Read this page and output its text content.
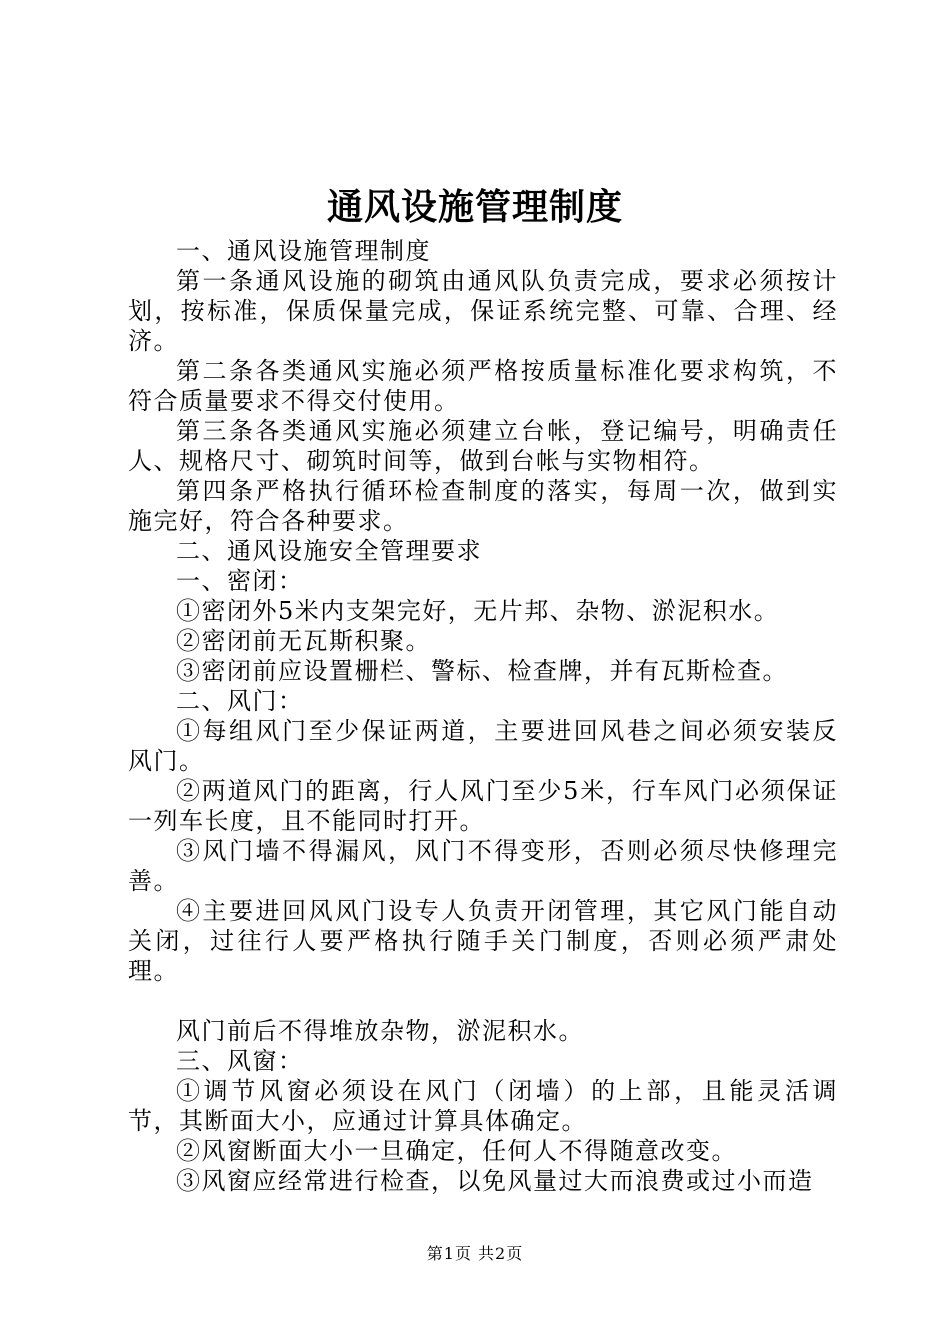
通风设施管理制度

一、通风设施管理制度

第一条通风设施的砌筑由通风队负责完成，要求必须按计划，按标准，保质保量完成，保证系统完整、可靠、合理、经济。

第二条各类通风实施必须严格按质量标准化要求构筑，不符合质量要求不得交付使用。

第三条各类通风实施必须建立台帐，登记编号，明确责任人、规格尺寸、砌筑时间等，做到台帐与实物相符。

第四条严格执行循环检查制度的落实，每周一次，做到实施完好，符合各种要求。

二、通风设施安全管理要求

一、密闭：

①密闭外5米内支架完好，无片邦、杂物、淤泥积水。

②密闭前无瓦斯积聚。

③密闭前应设置栅栏、警标、检查牌，并有瓦斯检查。

二、风门：

①每组风门至少保证两道，主要进回风巷之间必须安装反风门。

②两道风门的距离，行人风门至少5米，行车风门必须保证一列车长度，且不能同时打开。

③风门墙不得漏风，风门不得变形，否则必须尽快修理完善。

④主要进回风风门设专人负责开闭管理，其它风门能自动关闭，过往行人要严格执行随手关门制度，否则必须严肃处理。

风门前后不得堆放杂物，淤泥积水。

三、风窗：

①调节风窗必须设在风门（闭墙）的上部，且能灵活调节，其断面大小，应通过计算具体确定。

②风窗断面大小一旦确定，任何人不得随意改变。

③风窗应经常进行检查，以免风量过大而浪费或过小而造

第1页 共2页
